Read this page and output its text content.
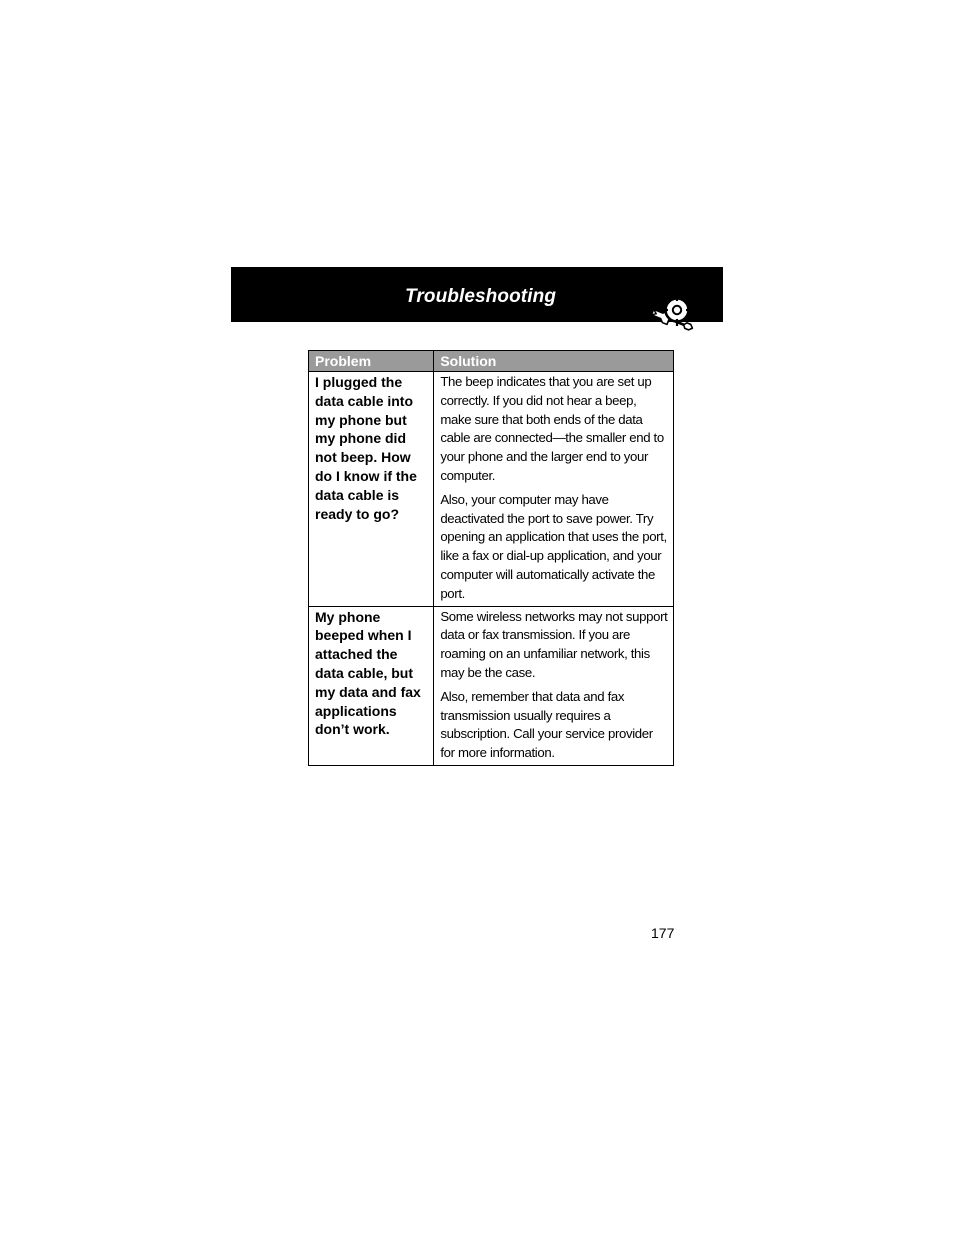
Troubleshooting
Problem	Solution
I plugged the data cable into my phone but my phone did not beep. How do I know if the data cable is ready to go?	The beep indicates that you are set up correctly. If you did not hear a beep, make sure that both ends of the data cable are connected—the smaller end to your phone and the larger end to your computer.

Also, your computer may have deactivated the port to save power. Try opening an application that uses the port, like a fax or dial-up application, and your computer will automatically activate the port.

My phone beeped when I attached the data cable, but my data and fax applications don’t work.	Some wireless networks may not support data or fax transmission. If you are roaming on an unfamiliar network, this may be the case.

Also, remember that data and fax transmission usually requires a subscription. Call your service provider for more information.

177
